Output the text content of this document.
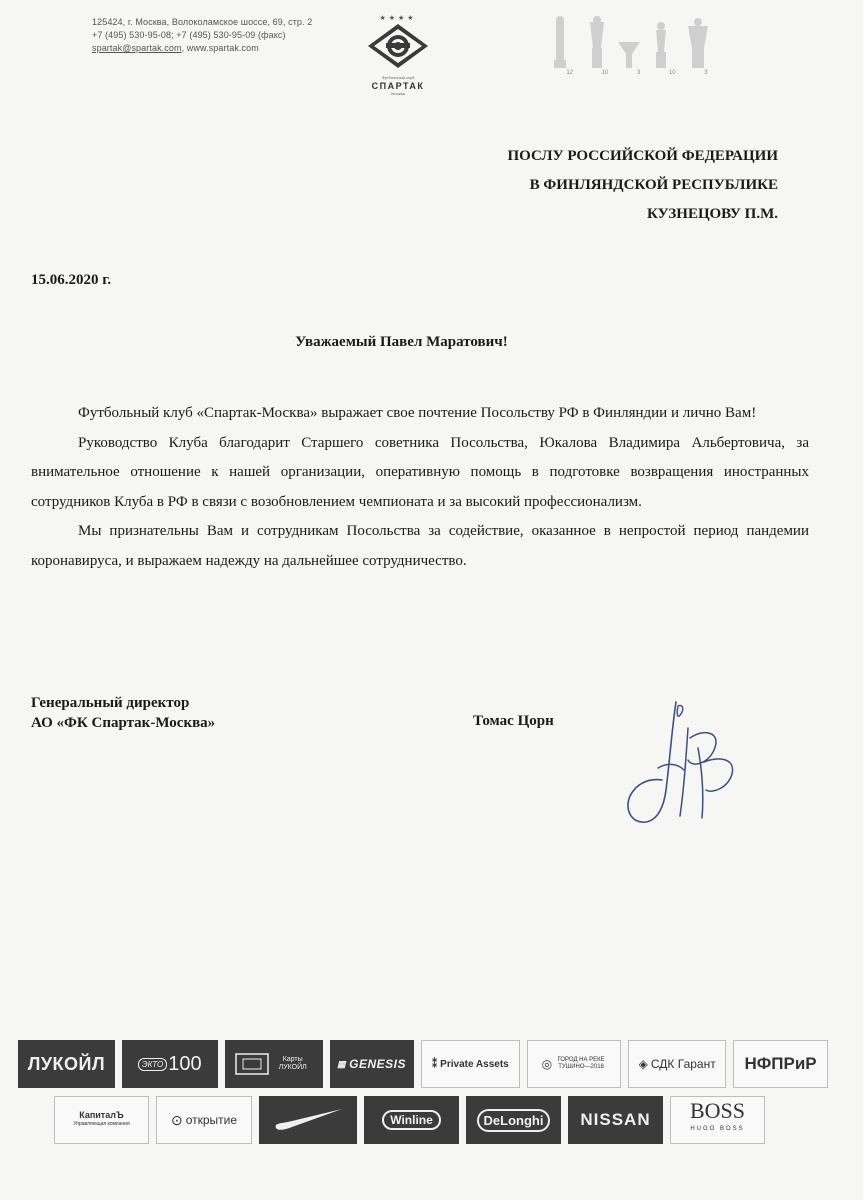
125424, г. Москва, Волоколамское шоссе, 69, стр. 2
+7 (495) 530-95-08; +7 (495) 530-95-09 (факс)
spartak@spartak.com, www.spartak.com
★★★★
Футбольный клуб
СПАРТАК
Москва
12	10	3	10	3
ПОСЛУ РОССИЙСКОЙ ФЕДЕРАЦИИ
В ФИНЛЯНДСКОЙ РЕСПУБЛИКЕ
КУЗНЕЦОВУ П.М.
15.06.2020 г.
Уважаемый Павел Маратович!

Футбольный клуб «Спартак-Москва» выражает свое почтение Посольству РФ в Финляндии и лично Вам!

Руководство Клуба благодарит Старшего советника Посольства, Юкалова Владимира Альбертовича, за внимательное отношение к нашей организации, оперативную помощь в подготовке возвращения иностранных сотрудников Клуба в РФ в связи с возобновлением чемпионата и за высокий профессионализм.

Мы признательны Вам и сотрудникам Посольства за содействие, оказанное в непростой период пандемии коронавируса, и выражаем надежду на дальнейшее сотрудничество.

Генеральный директор
АО «ФК Спартак-Москва»	Томас Цорн
ЛУКОЙЛ	ЭКТО 100	Карты ЛУКОЙЛ	▦ GENESIS	⁑ Private Assets	◎ ГОРОД НА РЕКЕ ТУШИНО—2018	◈ СДК Гарант	НФПРиР
КапиталЪ
Управляющая компания	⊙ открытие	Winline	DeLonghi	NISSAN	BOSS
HUGO BOSS
